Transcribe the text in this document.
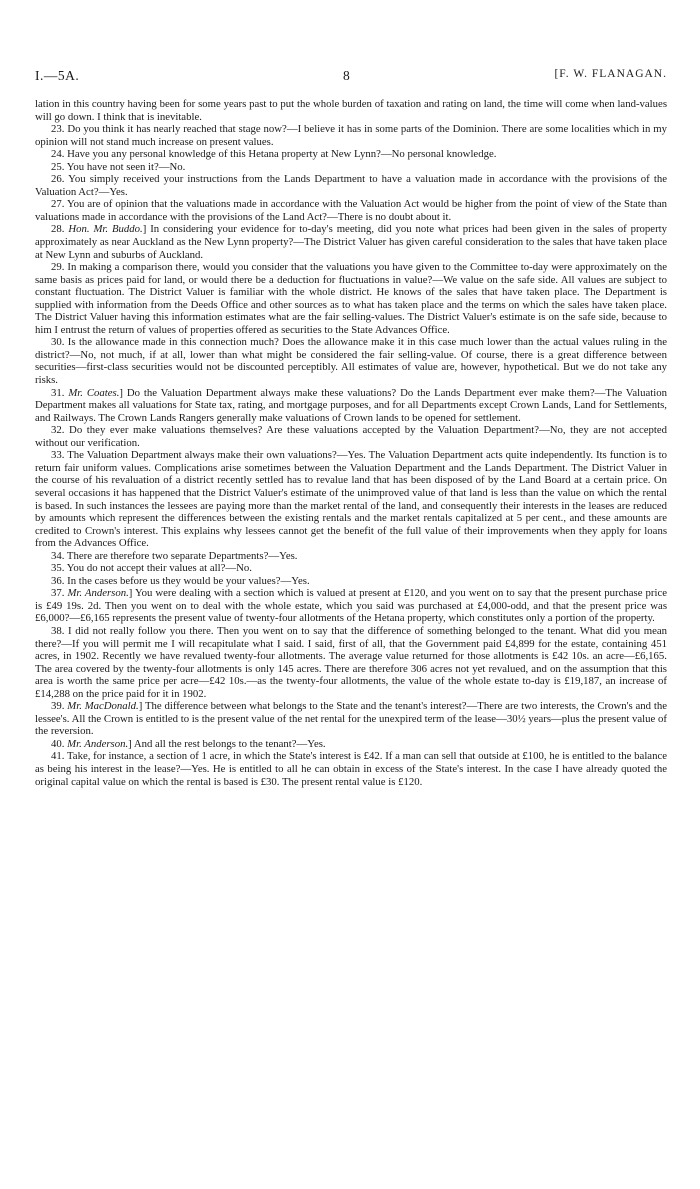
I.—5A.	8	[F. W. FLANAGAN.

lation in this country having been for some years past to put the whole burden of taxation and rating on land, the time will come when land-values will go down. I think that is inevitable.

23. Do you think it has nearly reached that stage now?—I believe it has in some parts of the Dominion. There are some localities which in my opinion will not stand much increase on present values.

24. Have you any personal knowledge of this Hetana property at New Lynn?—No personal knowledge.

25. You have not seen it?—No.

26. You simply received your instructions from the Lands Department to have a valuation made in accordance with the provisions of the Valuation Act?—Yes.

27. You are of opinion that the valuations made in accordance with the Valuation Act would be higher from the point of view of the State than valuations made in accordance with the provisions of the Land Act?—There is no doubt about it.

28. Hon. Mr. Buddo.] In considering your evidence for to-day's meeting, did you note what prices had been given in the sales of property approximately as near Auckland as the New Lynn property?—The District Valuer has given careful consideration to the sales that have taken place at New Lynn and suburbs of Auckland.

29. In making a comparison there, would you consider that the valuations you have given to the Committee to-day were approximately on the same basis as prices paid for land, or would there be a deduction for fluctuations in value?—We value on the safe side. All values are subject to constant fluctuation. The District Valuer is familiar with the whole district. He knows of the sales that have taken place. The Department is supplied with information from the Deeds Office and other sources as to what has taken place and the terms on which the sales have taken place. The District Valuer having this information estimates what are the fair selling-values. The District Valuer's estimate is on the safe side, because to him I entrust the return of values of properties offered as securities to the State Advances Office.

30. Is the allowance made in this connection much? Does the allowance make it in this case much lower than the actual values ruling in the district?—No, not much, if at all, lower than what might be considered the fair selling-value. Of course, there is a great difference between securities—first-class securities would not be discounted perceptibly. All estimates of value are, however, hypothetical. But we do not take any risks.

31. Mr. Coates.] Do the Valuation Department always make these valuations? Do the Lands Department ever make them?—The Valuation Department makes all valuations for State tax, rating, and mortgage purposes, and for all Departments except Crown Lands, Land for Settlements, and Railways. The Crown Lands Rangers generally make valuations of Crown lands to be opened for settlement.

32. Do they ever make valuations themselves? Are these valuations accepted by the Valuation Department?—No, they are not accepted without our verification.

33. The Valuation Department always make their own valuations?—Yes. The Valuation Department acts quite independently. Its function is to return fair uniform values. Complications arise sometimes between the Valuation Department and the Lands Department. The District Valuer in the course of his revaluation of a district recently settled has to revalue land that has been disposed of by the Land Board at a certain price. On several occasions it has happened that the District Valuer's estimate of the unimproved value of that land is less than the value on which the rental is based. In such instances the lessees are paying more than the market rental of the land, and consequently their interests in the leases are reduced by amounts which represent the differences between the existing rentals and the market rentals capitalized at 5 per cent., and these amounts are credited to Crown's interest. This explains why lessees cannot get the benefit of the full value of their improvements when they apply for loans from the Advances Office.

34. There are therefore two separate Departments?—Yes.

35. You do not accept their values at all?—No.

36. In the cases before us they would be your values?—Yes.

37. Mr. Anderson.] You were dealing with a section which is valued at present at £120, and you went on to say that the present purchase price is £49 19s. 2d. Then you went on to deal with the whole estate, which you said was purchased at £4,000-odd, and that the present price was £6,000?—£6,165 represents the present value of twenty-four allotments of the Hetana property, which constitutes only a portion of the property.

38. I did not really follow you there. Then you went on to say that the difference of something belonged to the tenant. What did you mean there?—If you will permit me I will recapitulate what I said. I said, first of all, that the Government paid £4,899 for the estate, containing 451 acres, in 1902. Recently we have revalued twenty-four allotments. The average value returned for those allotments is £42 10s. an acre—£6,165. The area covered by the twenty-four allotments is only 145 acres. There are therefore 306 acres not yet revalued, and on the assumption that this area is worth the same price per acre—£42 10s.—as the twenty-four allotments, the value of the whole estate to-day is £19,187, an increase of £14,288 on the price paid for it in 1902.

39. Mr. MacDonald.] The difference between what belongs to the State and the tenant's interest?—There are two interests, the Crown's and the lessee's. All the Crown is entitled to is the present value of the net rental for the unexpired term of the lease—30½ years—plus the present value of the reversion.

40. Mr. Anderson.] And all the rest belongs to the tenant?—Yes.

41. Take, for instance, a section of 1 acre, in which the State's interest is £42. If a man can sell that outside at £100, he is entitled to the balance as being his interest in the lease?—Yes. He is entitled to all he can obtain in excess of the State's interest. In the case I have already quoted the original capital value on which the rental is based is £30. The present rental value is £120.
